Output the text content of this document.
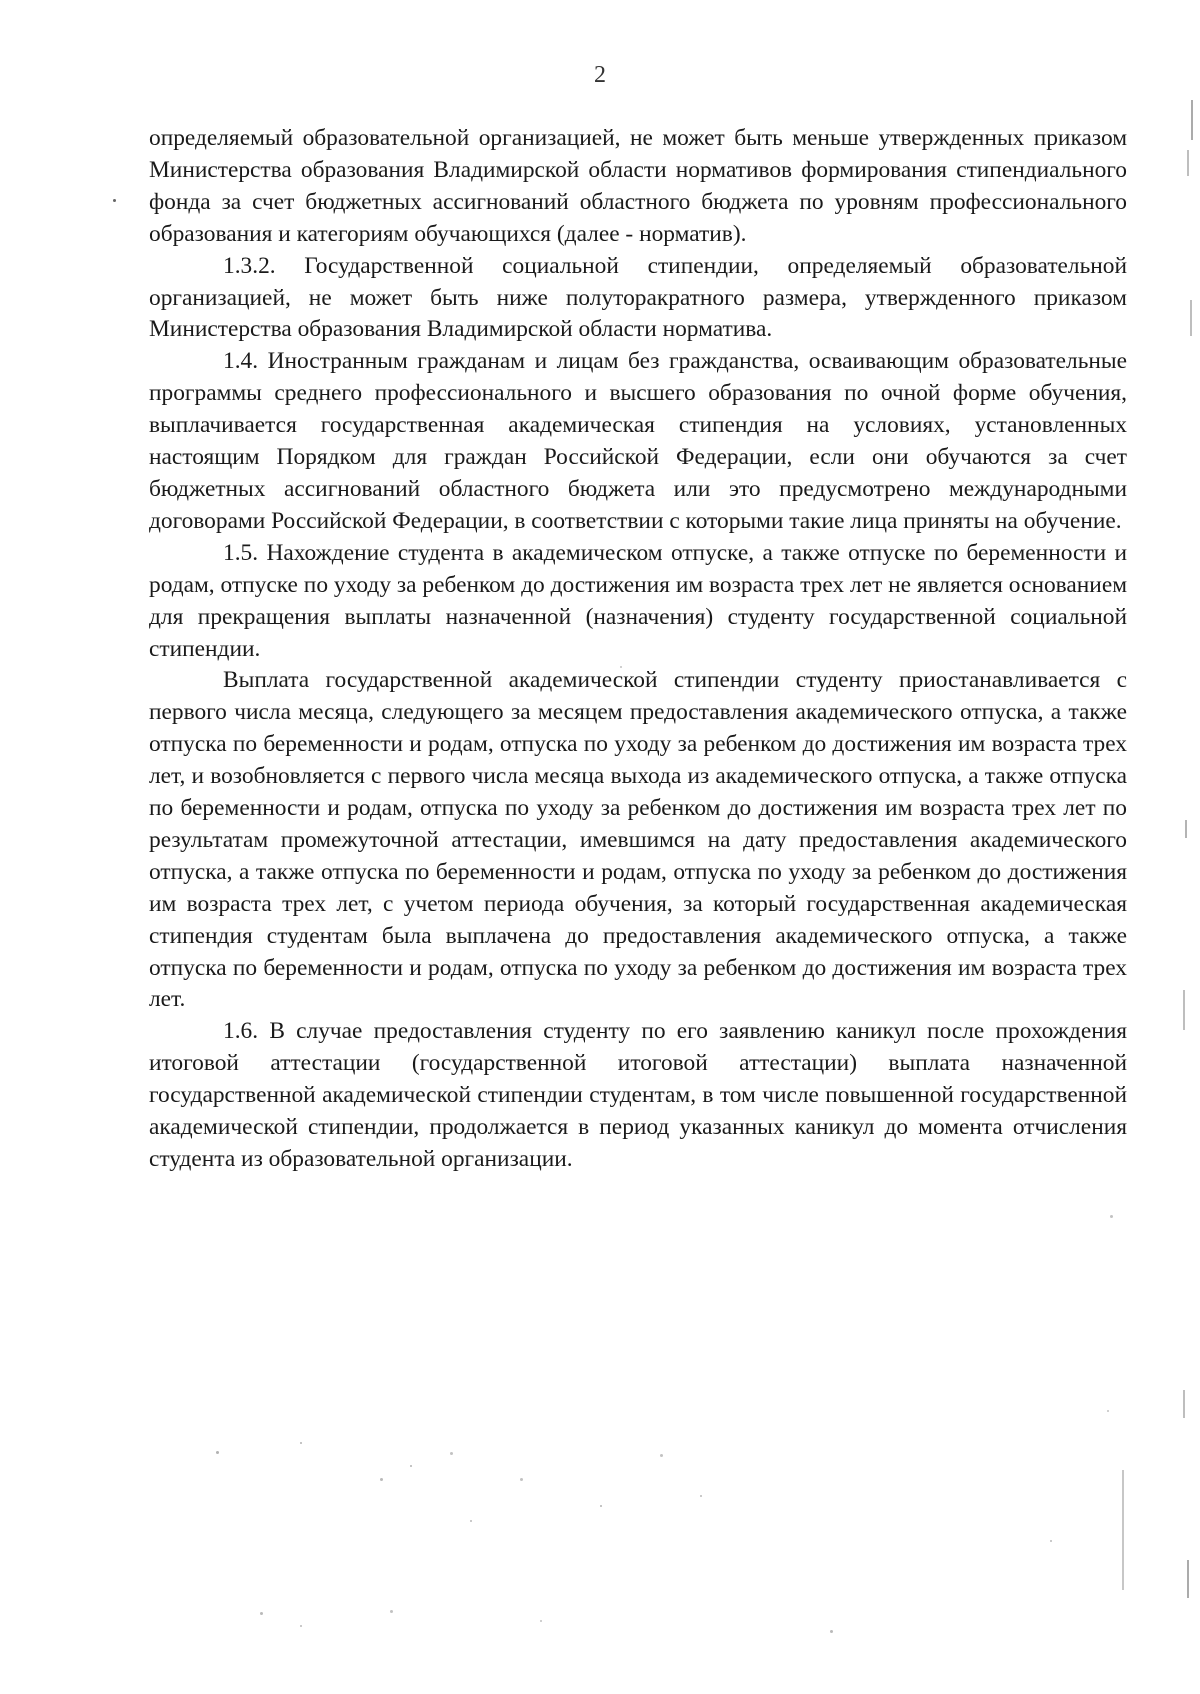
2

определяемый образовательной организацией, не может быть меньше утвержденных приказом Министерства образования Владимирской области нормативов формирования стипендиального фонда за счет бюджетных ассигнований областного бюджета по уровням профессионального образования и категориям обучающихся (далее - норматив).

1.3.2. Государственной социальной стипендии, определяемый образовательной организацией, не может быть ниже полуторакратного размера, утвержденного приказом Министерства образования Владимирской области норматива.

1.4. Иностранным гражданам и лицам без гражданства, осваивающим образовательные программы среднего профессионального и высшего образования по очной форме обучения, выплачивается государственная академическая стипендия на условиях, установленных настоящим Порядком для граждан Российской Федерации, если они обучаются за счет бюджетных ассигнований областного бюджета или это предусмотрено международными договорами Российской Федерации, в соответствии с которыми такие лица приняты на обучение.

1.5. Нахождение студента в академическом отпуске, а также отпуске по беременности и родам, отпуске по уходу за ребенком до достижения им возраста трех лет не является основанием для прекращения выплаты назначенной (назначения) студенту государственной социальной стипендии.

Выплата государственной академической стипендии студенту приостанавливается с первого числа месяца, следующего за месяцем предоставления академического отпуска, а также отпуска по беременности и родам, отпуска по уходу за ребенком до достижения им возраста трех лет, и возобновляется с первого числа месяца выхода из академического отпуска, а также отпуска по беременности и родам, отпуска по уходу за ребенком до достижения им возраста трех лет по результатам промежуточной аттестации, имевшимся на дату предоставления академического отпуска, а также отпуска по беременности и родам, отпуска по уходу за ребенком до достижения им возраста трех лет, с учетом периода обучения, за который государственная академическая стипендия студентам была выплачена до предоставления академического отпуска, а также отпуска по беременности и родам, отпуска по уходу за ребенком до достижения им возраста трех лет.

1.6. В случае предоставления студенту по его заявлению каникул после прохождения итоговой аттестации (государственной итоговой аттестации) выплата назначенной государственной академической стипендии студентам, в том числе повышенной государственной академической стипендии, продолжается в период указанных каникул до момента отчисления студента из образовательной организации.
